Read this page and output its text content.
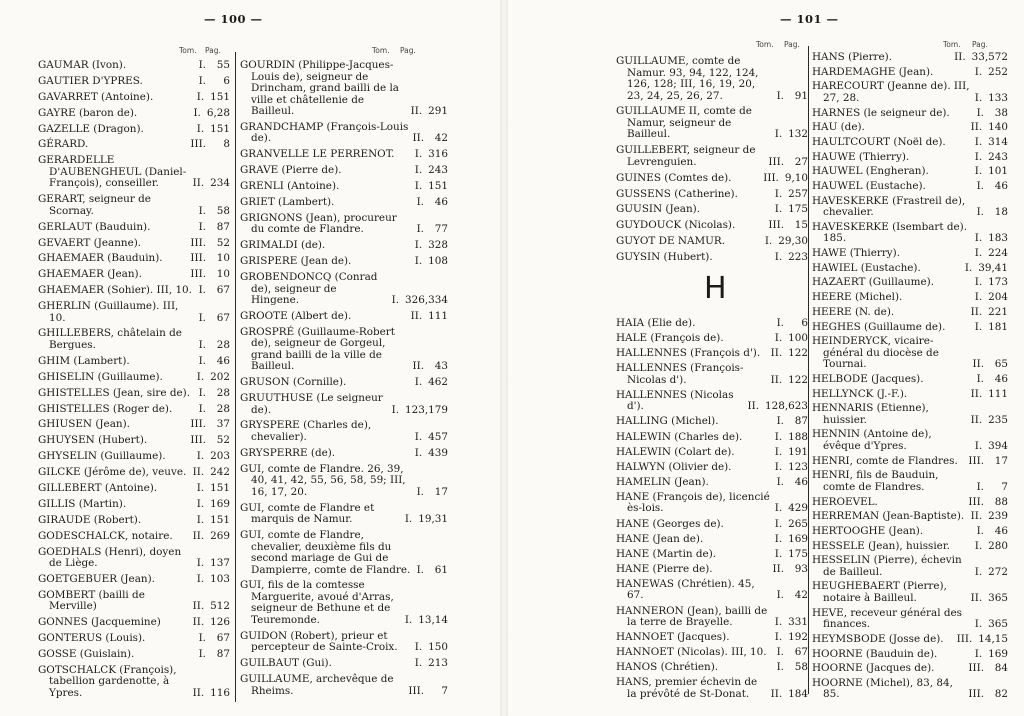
— 100 —
Tom. Pag.
GAUMAR (Ivon).	I. 55
GAUTIER D'YPRES.	I. 6
GAVARRET (Antoine).	I. 151
GAYRE (baron de).	I. 6,28
GAZELLE (Dragon).	I. 151
GÉRARD.	III. 8
GERARDELLE D'AUBENGHEUL (Daniel-François), conseiller.	II. 234
GERART, seigneur de Scornay.	I. 58
GERLAUT (Bauduin).	I. 87
GEVAERT (Jeanne).	III. 52
GHAEMAER (Bauduin).	III. 10
GHAEMAER (Jean).	III. 10
GHAEMAER (Sohier). III, 10. I. 67
GHERLIN (Guillaume). III, 10.	I. 67
GHILLEBERS, châtelain de Bergues.	I. 28
GHIM (Lambert).	I. 46
GHISELIN (Guillaume).	I. 202
GHISTELLES (Jean, sire de). I. 28
GHISTELLES (Roger de).	I. 28
GHIUSEN (Jean).	III. 37
GHUYSEN (Hubert).	III. 52
GHYSELIN (Guillaume).	I. 203
GILCKE (Jérôme de), veuve. II. 242
GILLEBERT (Antoine).	I. 151
GILLIS (Martin).	I. 169
GIRAUDE (Robert).	I. 151
GODESCHALCK, notaire.	II. 269
GOEDHALS (Henri), doyen de Liège.	I. 137
GOETGEBUER (Jean).	I. 103
GOMBERT (bailli de Merville)	II. 512
GONNES (Jacquemine)	II. 126
GONTERUS (Louis).	I. 67
GOSSE (Guislain).	I. 87
GOTSCHALCK (François), tabellion gardenotte, à Ypres.	II. 116
Tom. Pag.
GOURDIN (Philippe-Jacques-Louis de), seigneur de Drincham, grand bailli de la ville et châtellenie de Bailleul.	II. 291
GRANDCHAMP (François-Louis de).	II. 42
GRANVELLE LE PERRENOT.	I. 316
GRAVE (Pierre de).	I. 243
GRENLI (Antoine).	I. 151
GRIET (Lambert).	I. 46
GRIGNONS (Jean), procureur du comte de Flandre.	I. 77
GRIMALDI (de).	I. 328
GRISPERE (Jean de).	I. 108
GROBENDONCQ (Conrad de), seigneur de Hingene.	I. 326,334
GROOTE (Albert de).	II. 111
GROSPRÉ (Guillaume-Robert de), seigneur de Gorgeul, grand bailli de la ville de Bailleul.	II. 43
GRUSON (Cornille).	I. 462
GRUUTHUSE (Le seigneur de).	I. 123,179
GRYSPERE (Charles de), chevalier).	I. 457
GRYSPERRE (de).	I. 439
GUI, comte de Flandre. 26, 39, 40, 41, 42, 55, 56, 58, 59; III, 16, 17, 20.	I. 17
GUI, comte de Flandre et marquis de Namur.	I. 19,31
GUI, comte de Flandre, chevalier, deuxième fils du second mariage de Gui de Dampierre, comte de Flandre. I. 61
GUI, fils de la comtesse Marguerite, avoué d'Arras, seigneur de Bethune et de Teuremonde.	I. 13,14
GUIDON (Robert), prieur et percepteur de Sainte-Croix.	I. 150
GUILBAUT (Gui).	I. 213
GUILLAUME, archevêque de Rheims.	III. 7
— 101 —
Tom. Pag.
GUILLAUME, comte de Namur. 93, 94, 122, 124, 126, 128; III, 16, 19, 20, 23, 24, 25, 26, 27.	I. 91
GUILLAUME II, comte de Namur, seigneur de Bailleul.	I. 132
GUILLEBERT, seigneur de Levrenguien.	III. 27
GUINES (Comtes de).	III. 9,10
GUSSENS (Catherine).	I. 257
GUUSIN (Jean).	I. 175
GUYDOUCK (Nicolas).	III. 15
GUYOT DE NAMUR.	I. 29,30
GUYSIN (Hubert).	I. 223
H
HAIA (Elie de).	I. 6
HALE (François de).	I. 100
HALLENNES (François d').	II. 122
HALLENNES (François-Nicolas d').	II. 122
HALLENNES (Nicolas d').	II. 128,623
HALLING (Michel).	I. 87
HALEWIN (Charles de).	I. 188
HALEWIN (Colart de).	I. 191
HALWYN (Olivier de).	I. 123
HAMELIN (Jean).	I. 46
HANE (François de), licencié ès-lois.	I. 429
HANE (Georges de).	I. 265
HANE (Jean de).	I. 169
HANE (Martin de).	I. 175
HANE (Pierre de).	II. 93
HANEWAS (Chrétien). 45, 67.	I. 42
HANNERON (Jean), bailli de la terre de Brayelle.	I. 331
HANNOET (Jacques).	I. 192
HANNOET (Nicolas). III, 10. I. 67
HANOS (Chrétien).	I. 58
HANS, premier échevin de la prévôté de St-Donat.	II. 184
Tom. Pag.
HANS (Pierre).	II. 33,572
HARDEMAGHE (Jean).	I. 252
HARECOURT (Jeanne de). III, 27, 28.	I. 133
HARNES (le seigneur de).	I. 38
HAU (de).	II. 140
HAULTCOURT (Noël de).	I. 314
HAUWE (Thierry).	I. 243
HAUWEL (Engheran).	I. 101
HAUWEL (Eustache).	I. 46
HAVESKERKE (Frastreil de), chevalier.	I. 18
HAVESKERKE (Isembart de). 185.	I. 183
HAWE (Thierry).	I. 224
HAWIEL (Eustache).	I. 39,41
HAZAERT (Guillaume).	I. 173
HEERE (Michel).	I. 204
HEERE (N. de).	II. 221
HEGHES (Guillaume de).	I. 181
HEINDERYCK, vicaire-général du diocèse de Tournai.	II. 65
HELBODE (Jacques).	I. 46
HELLYNCK (J.-F.).	II. 111
HENNARIS (Etienne), huissier.	II. 235
HENNIN (Antoine de), évêque d'Ypres.	I. 394
HENRI, comte de Flandres.	III. 17
HENRI, fils de Bauduin, comte de Flandres.	I. 7
HEROEVEL.	III. 88
HERREMAN (Jean-Baptiste). II. 239
HERTOOGHE (Jean).	I. 46
HESSELE (Jean), huissier.	I. 280
HESSELIN (Pierre), échevin de Bailleul.	I. 272
HEUGHEBAERT (Pierre), notaire à Bailleul.	II. 365
HEVE, receveur général des finances.	I. 365
HEYMSBODE (Josse de).	III. 14,15
HOORNE (Bauduin de).	I. 169
HOORNE (Jacques de).	III. 84
HOORNE (Michel), 83, 84, 85.	III. 82
